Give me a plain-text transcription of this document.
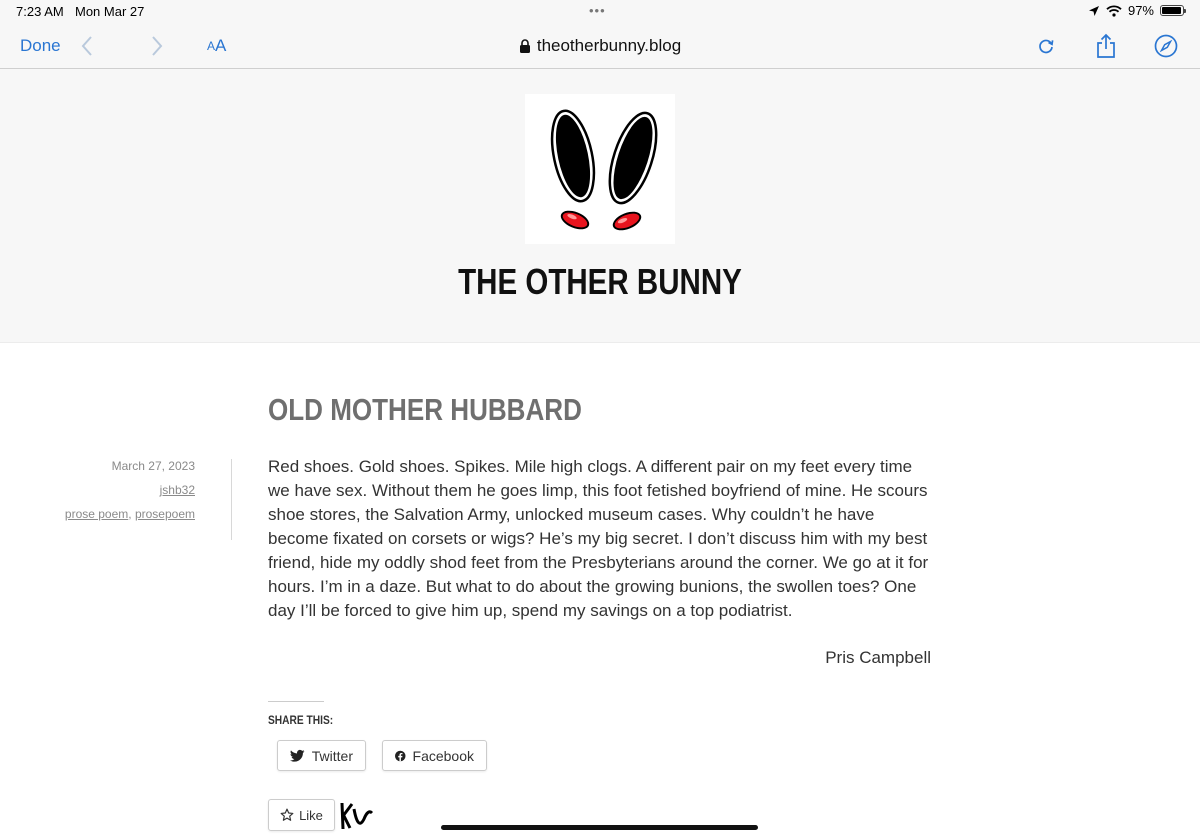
7:23 AM Mon Mar 27	•••	97%
Done	A A	theotherbunny.blog
THE OTHER BUNNY
OLD MOTHER HUBBARD
March 27, 2023
jshb32
prose poem, prosepoem

Red shoes. Gold shoes. Spikes. Mile high clogs. A different pair on my feet every time we have sex. Without them he goes limp, this foot fetished boyfriend of mine. He scours shoe stores, the Salvation Army, unlocked museum cases. Why couldn’t he have become fixated on corsets or wigs? He’s my big secret. I don’t discuss him with my best friend, hide my oddly shod feet from the Presbyterians around the corner. We go at it for hours. I’m in a daze. But what to do about the growing bunions, the swollen toes? One day I’ll be forced to give him up, spend my savings on a top podiatrist.

Pris Campbell
SHARE THIS:
Twitter	Facebook
Like
